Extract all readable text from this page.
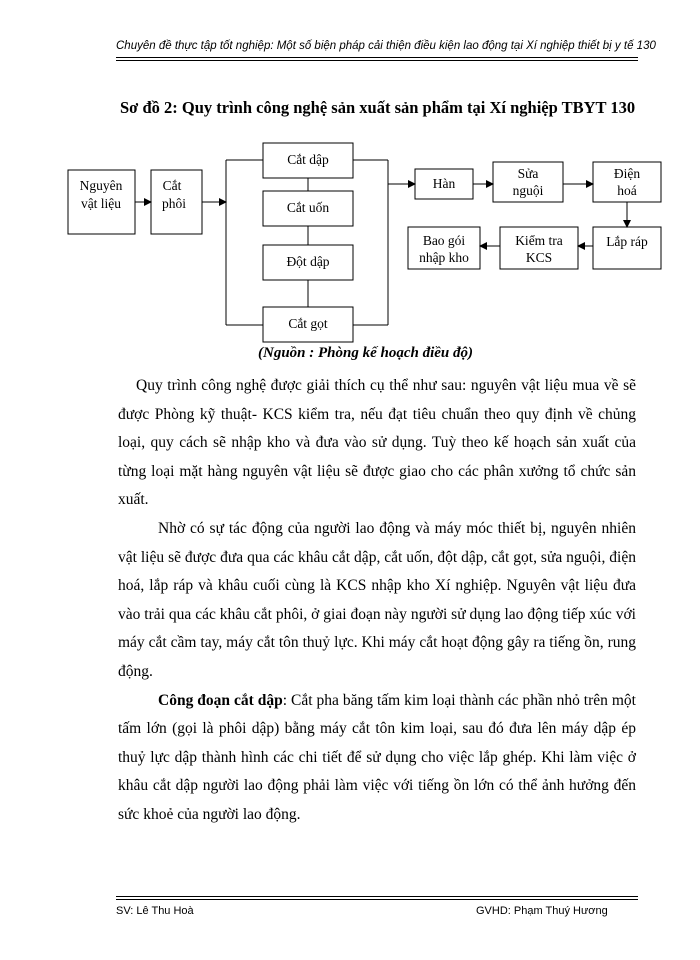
Chuyên đề thực tập tốt nghiệp: Một số biện pháp cải thiện điều kiện lao động tại Xí nghiệp thiết bị y tế 130
Sơ đồ 2: Quy trình công nghệ sản xuất sản phẩm tại Xí nghiệp TBYT 130
Nguyên
vật liệu
Cắt
phôi
Cắt dập
Cắt uốn
Đột dập
Cắt gọt
Hàn
Sửa
nguội
Điện
hoá
Lắp ráp
Kiểm tra
KCS
Bao gói
nhập kho
(Nguồn : Phòng kế hoạch điều độ)

Quy trình công nghệ được giải thích cụ thể như sau: nguyên vật liệu mua về sẽ được Phòng kỹ thuật- KCS kiểm tra, nếu đạt tiêu chuẩn theo quy định về chủng loại, quy cách sẽ nhập kho và đưa vào sử dụng. Tuỳ theo kế hoạch sản xuất của từng loại mặt hàng nguyên vật liệu sẽ được giao cho các phân xưởng tổ chức sản xuất.

Nhờ có sự tác động của người lao động và máy móc thiết bị, nguyên nhiên vật liệu sẽ được đưa qua các khâu cắt dập, cắt uốn, đột dập, cắt gọt, sửa nguội, điện hoá, lắp ráp và khâu cuối cùng là KCS nhập kho Xí nghiệp. Nguyên vật liệu đưa vào trải qua các khâu cắt phôi, ở giai đoạn này người sử dụng lao động tiếp xúc với máy cắt cầm tay, máy cắt tôn thuỷ lực. Khi máy cắt hoạt động gây ra tiếng ồn, rung động.

Công đoạn cắt dập: Cắt pha băng tấm kim loại thành các phần nhỏ trên một tấm lớn (gọi là phôi dập) bằng máy cắt tôn kim loại, sau đó đưa lên máy dập ép thuỷ lực dập thành hình các chi tiết để sử dụng cho việc lắp ghép. Khi làm việc ở khâu cắt dập người lao động phải làm việc với tiếng ồn lớn có thể ảnh hưởng đến sức khoẻ của người lao động.

SV: Lê Thu Hoà	GVHD: Phạm Thuý Hương
